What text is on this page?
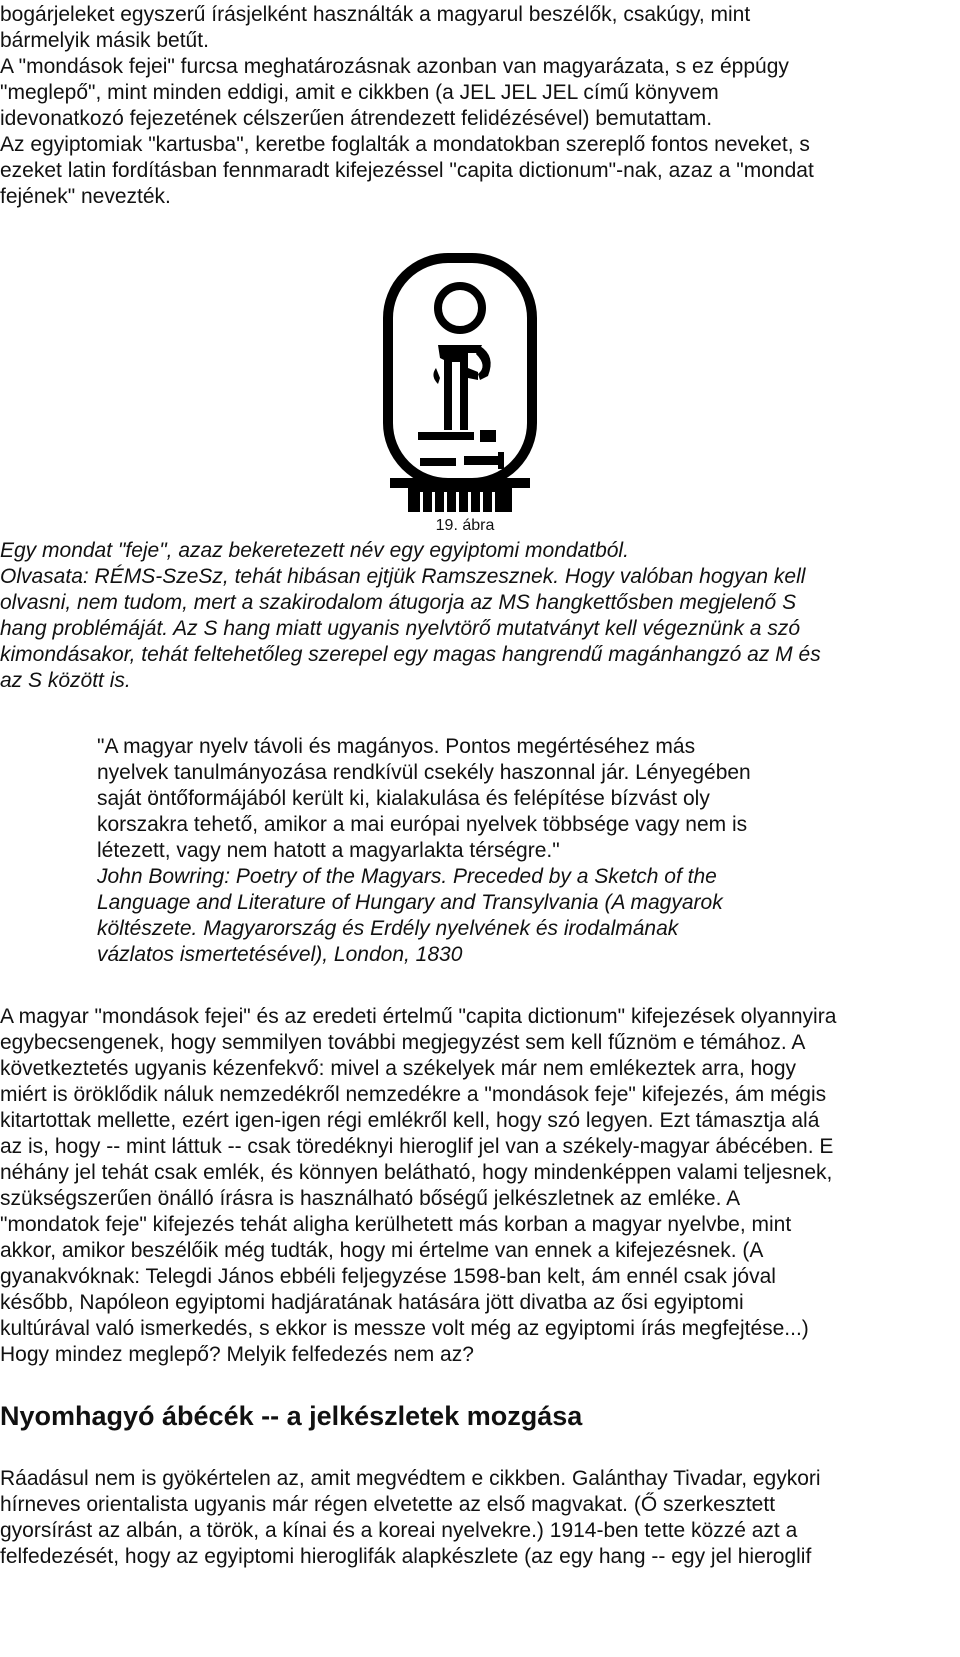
bogárjeleket egyszerű írásjelként használták a magyarul beszélők, csakúgy, mint
bármelyik másik betűt.
A "mondások fejei" furcsa meghatározásnak azonban van magyarázata, s ez éppúgy
"meglepő", mint minden eddigi, amit e cikkben (a JEL JEL JEL című könyvem
idevonatkozó fejezetének célszerűen átrendezett felidézésével) bemutattam.
Az egyiptomiak "kartusba", keretbe foglalták a mondatokban szereplő fontos neveket, s
ezeket latin fordításban fennmaradt kifejezéssel "capita dictionum"-nak, azaz a "mondat
fejének" nevezték.
19. ábra
Egy mondat "feje", azaz bekeretezett név egy egyiptomi mondatból.
Olvasata: RÉMS-SzeSz, tehát hibásan ejtjük Ramszesznek. Hogy valóban hogyan kell
olvasni, nem tudom, mert a szakirodalom átugorja az MS hangkettősben megjelenő S
hang problémáját. Az S hang miatt ugyanis nyelvtörő mutatványt kell végeznünk a szó
kimondásakor, tehát feltehetőleg szerepel egy magas hangrendű magánhangzó az M és
az S között is.
"A magyar nyelv távoli és magányos. Pontos megértéséhez más
nyelvek tanulmányozása rendkívül csekély haszonnal jár. Lényegében
saját öntőformájából került ki, kialakulása és felépítése bízvást oly
korszakra tehető, amikor a mai európai nyelvek többsége vagy nem is
létezett, vagy nem hatott a magyarlakta térségre."
John Bowring: Poetry of the Magyars. Preceded by a Sketch of the
Language and Literature of Hungary and Transylvania (A magyarok
költészete. Magyarország és Erdély nyelvének és irodalmának
vázlatos ismertetésével), London, 1830
A magyar "mondások fejei" és az eredeti értelmű "capita dictionum" kifejezések olyannyira
egybecsengenek, hogy semmilyen további megjegyzést sem kell fűznöm e témához. A
következtetés ugyanis kézenfekvő: mivel a székelyek már nem emlékeztek arra, hogy
miért is öröklődik náluk nemzedékről nemzedékre a "mondások feje" kifejezés, ám mégis
kitartottak mellette, ezért igen-igen régi emlékről kell, hogy szó legyen. Ezt támasztja alá
az is, hogy -- mint láttuk -- csak töredéknyi hieroglif jel van a székely-magyar ábécében. E
néhány jel tehát csak emlék, és könnyen belátható, hogy mindenképpen valami teljesnek,
szükségszerűen önálló írásra is használható bőségű jelkészletnek az emléke. A
"mondatok feje" kifejezés tehát aligha kerülhetett más korban a magyar nyelvbe, mint
akkor, amikor beszélőik még tudták, hogy mi értelme van ennek a kifejezésnek. (A
gyanakvóknak: Telegdi János ebbéli feljegyzése 1598-ban kelt, ám ennél csak jóval
később, Napóleon egyiptomi hadjáratának hatására jött divatba az ősi egyiptomi
kultúrával való ismerkedés, s ekkor is messze volt még az egyiptomi írás megfejtése...)
Hogy mindez meglepő? Melyik felfedezés nem az?
Nyomhagyó ábécék -- a jelkészletek mozgása
Ráadásul nem is gyökértelen az, amit megvédtem e cikkben. Galánthay Tivadar, egykori
hírneves orientalista ugyanis már régen elvetette az első magvakat. (Ő szerkesztett
gyorsírást az albán, a török, a kínai és a koreai nyelvekre.) 1914-ben tette közzé azt a
felfedezését, hogy az egyiptomi hieroglifák alapkészlete (az egy hang -- egy jel hieroglif
